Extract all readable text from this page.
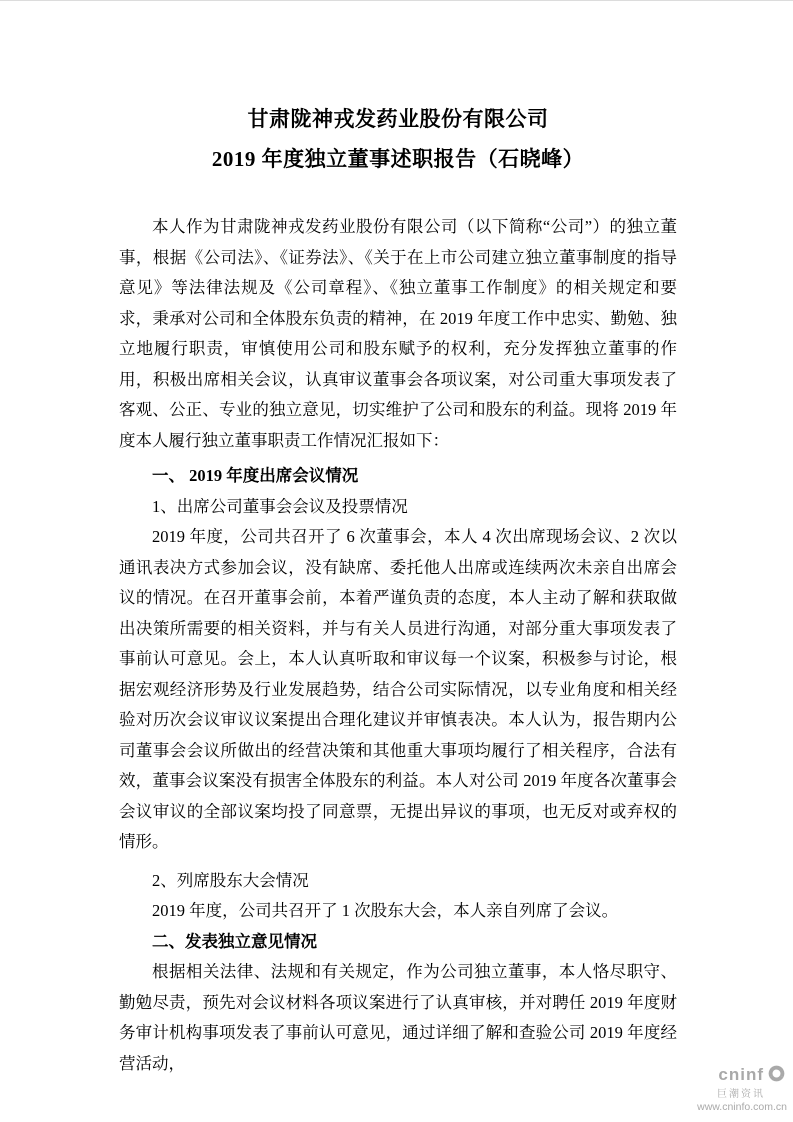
甘肃陇神戎发药业股份有限公司
2019 年度独立董事述职报告（石晓峰）

本人作为甘肃陇神戎发药业股份有限公司（以下简称“公司”）的独立董事，根据《公司法》、《证券法》、《关于在上市公司建立独立董事制度的指导意见》等法律法规及《公司章程》、《独立董事工作制度》的相关规定和要求，秉承对公司和全体股东负责的精神，在 2019 年度工作中忠实、勤勉、独立地履行职责，审慎使用公司和股东赋予的权利，充分发挥独立董事的作用，积极出席相关会议，认真审议董事会各项议案，对公司重大事项发表了客观、公正、专业的独立意见，切实维护了公司和股东的利益。现将 2019 年度本人履行独立董事职责工作情况汇报如下：

一、 2019 年度出席会议情况

1、出席公司董事会会议及投票情况

2019 年度，公司共召开了 6 次董事会，本人 4 次出席现场会议、2 次以通讯表决方式参加会议，没有缺席、委托他人出席或连续两次未亲自出席会议的情况。在召开董事会前，本着严谨负责的态度，本人主动了解和获取做出决策所需要的相关资料，并与有关人员进行沟通，对部分重大事项发表了事前认可意见。会上，本人认真听取和审议每一个议案，积极参与讨论，根据宏观经济形势及行业发展趋势，结合公司实际情况，以专业角度和相关经验对历次会议审议议案提出合理化建议并审慎表决。本人认为，报告期内公司董事会会议所做出的经营决策和其他重大事项均履行了相关程序，合法有效，董事会议案没有损害全体股东的利益。本人对公司 2019 年度各次董事会会议审议的全部议案均投了同意票，无提出异议的事项，也无反对或弃权的情形。

2、列席股东大会情况

2019 年度，公司共召开了 1 次股东大会，本人亲自列席了会议。

二、发表独立意见情况

根据相关法律、法规和有关规定，作为公司独立董事，本人恪尽职守、勤勉尽责，预先对会议材料各项议案进行了认真审核，并对聘任 2019 年度财务审计机构事项发表了事前认可意见，通过详细了解和查验公司 2019 年度经营活动，

cninf
巨潮资讯
www.cninfo.com.cn
